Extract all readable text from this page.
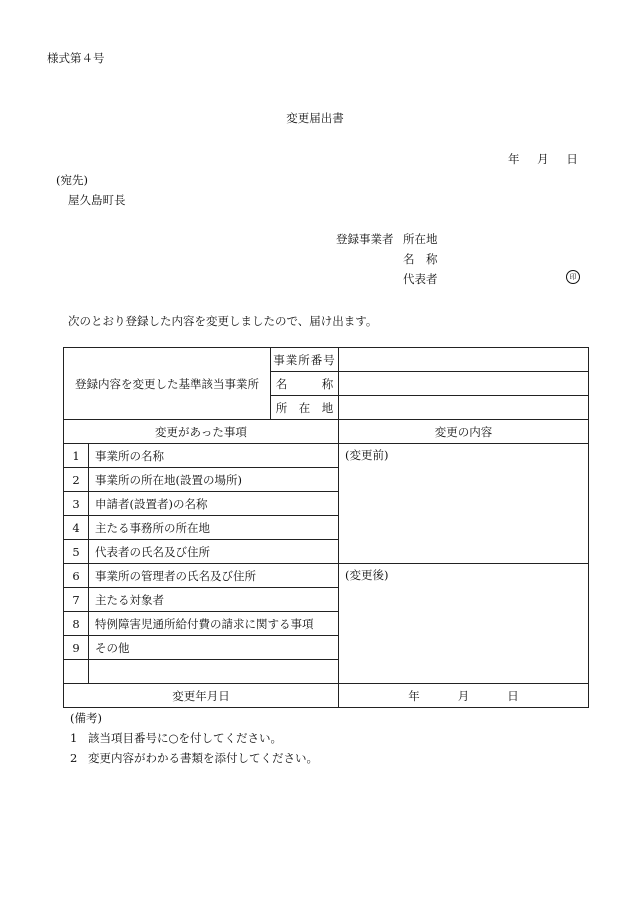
様式第４号
変更届出書
年 月 日
(宛先)
屋久島町長
登録事業者 所在地
名　称
代表者	印
次のとおり登録した内容を変更しましたので、届け出ます。
登録内容を変更した基準該当事業所		事業所番号	
		名　　　称	
		所　在　地	
変更があった事項			変更の内容
1	事業所の名称		(変更前)
2	事業所の所在地(設置の場所)		
3	申請者(設置者)の名称		
4	主たる事務所の所在地		
5	代表者の氏名及び住所		
6	事業所の管理者の氏名及び住所		(変更後)
7	主たる対象者		
8	特例障害児通所給付費の請求に関する事項		
9	その他		

変更年月日			年 月 日
(備考)
1 該当項目番号に○を付してください。
2 変更内容がわかる書類を添付してください。
